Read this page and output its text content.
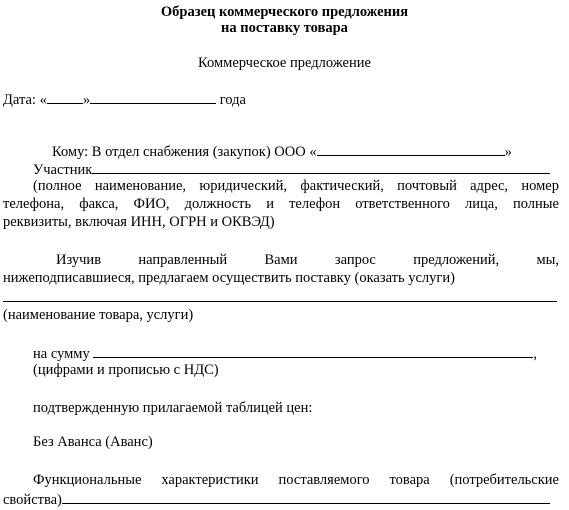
Образец коммерческого предложения
на поставку товара
Коммерческое предложение
Дата: « »	года
Кому: В отдел снабжения (закупок) ООО «	»
Участник
(полное наименование, юридический, фактический, почтовый адрес, номер
телефона, факса, ФИО, должность и телефон ответственного лица, полные
реквизиты, включая ИНН, ОГРН и ОКВЭД)
Изучив	направленный	Вами	запрос	предложений,	мы,
нижеподписавшиеся, предлагаем осуществить поставку (оказать услуги)
(наименование товара, услуги)
на сумму	,
(цифрами и прописью с НДС)
подтвержденную прилагаемой таблицей цен:
Без Аванса (Аванс)
Функциональные характеристики поставляемого товара (потребительские
свойства)
